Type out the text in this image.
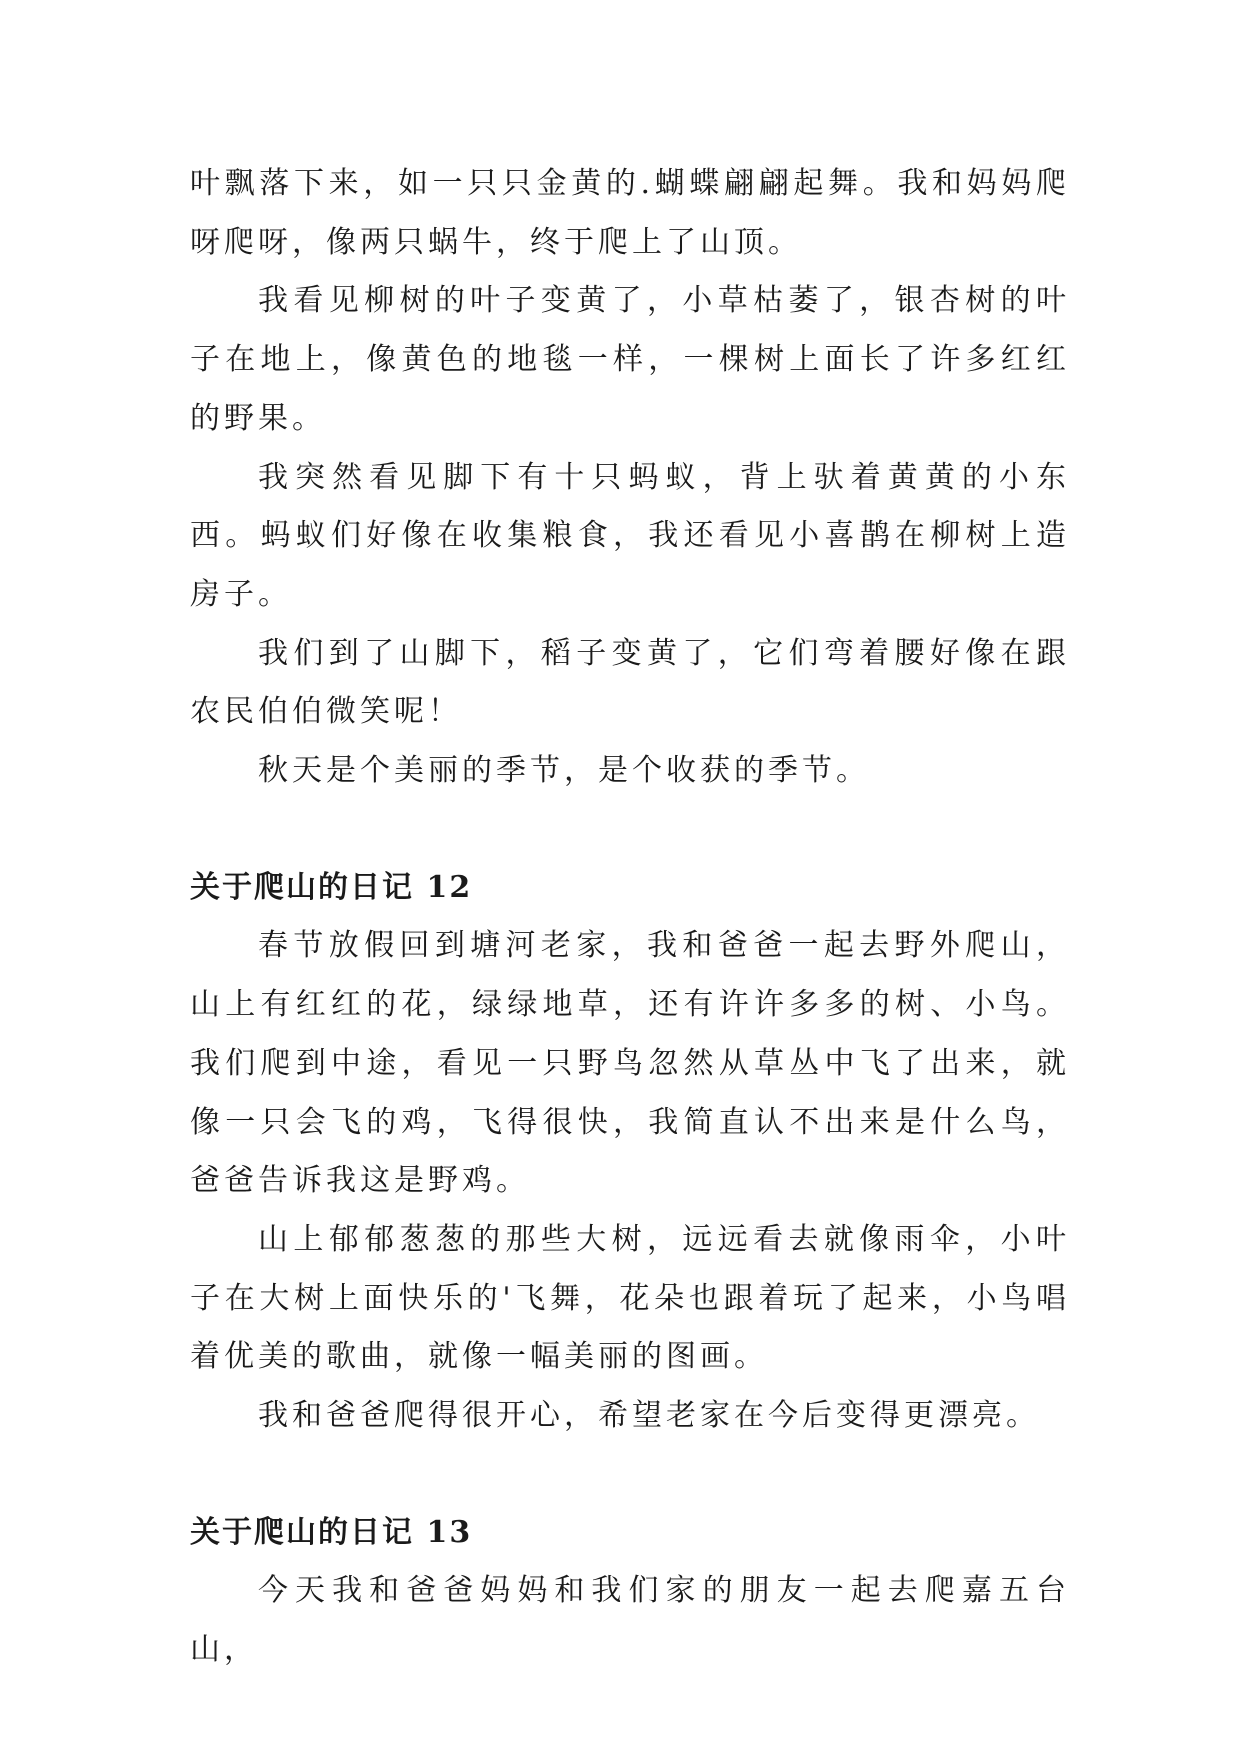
叶飘落下来，如一只只金黄的.蝴蝶翩翩起舞。我和妈妈爬呀爬呀，像两只蜗牛，终于爬上了山顶。

我看见柳树的叶子变黄了，小草枯萎了，银杏树的叶子在地上，像黄色的地毯一样，一棵树上面长了许多红红的野果。

我突然看见脚下有十只蚂蚁，背上驮着黄黄的小东西。蚂蚁们好像在收集粮食，我还看见小喜鹊在柳树上造房子。

我们到了山脚下，稻子变黄了，它们弯着腰好像在跟农民伯伯微笑呢！

秋天是个美丽的季节，是个收获的季节。

关于爬山的日记 12

春节放假回到塘河老家，我和爸爸一起去野外爬山，山上有红红的花，绿绿地草，还有许许多多的树、小鸟。我们爬到中途，看见一只野鸟忽然从草丛中飞了出来，就像一只会飞的鸡，飞得很快，我简直认不出来是什么鸟，爸爸告诉我这是野鸡。

山上郁郁葱葱的那些大树，远远看去就像雨伞，小叶子在大树上面快乐的'飞舞，花朵也跟着玩了起来，小鸟唱着优美的歌曲，就像一幅美丽的图画。

我和爸爸爬得很开心，希望老家在今后变得更漂亮。

关于爬山的日记 13

今天我和爸爸妈妈和我们家的朋友一起去爬嘉五台山，
